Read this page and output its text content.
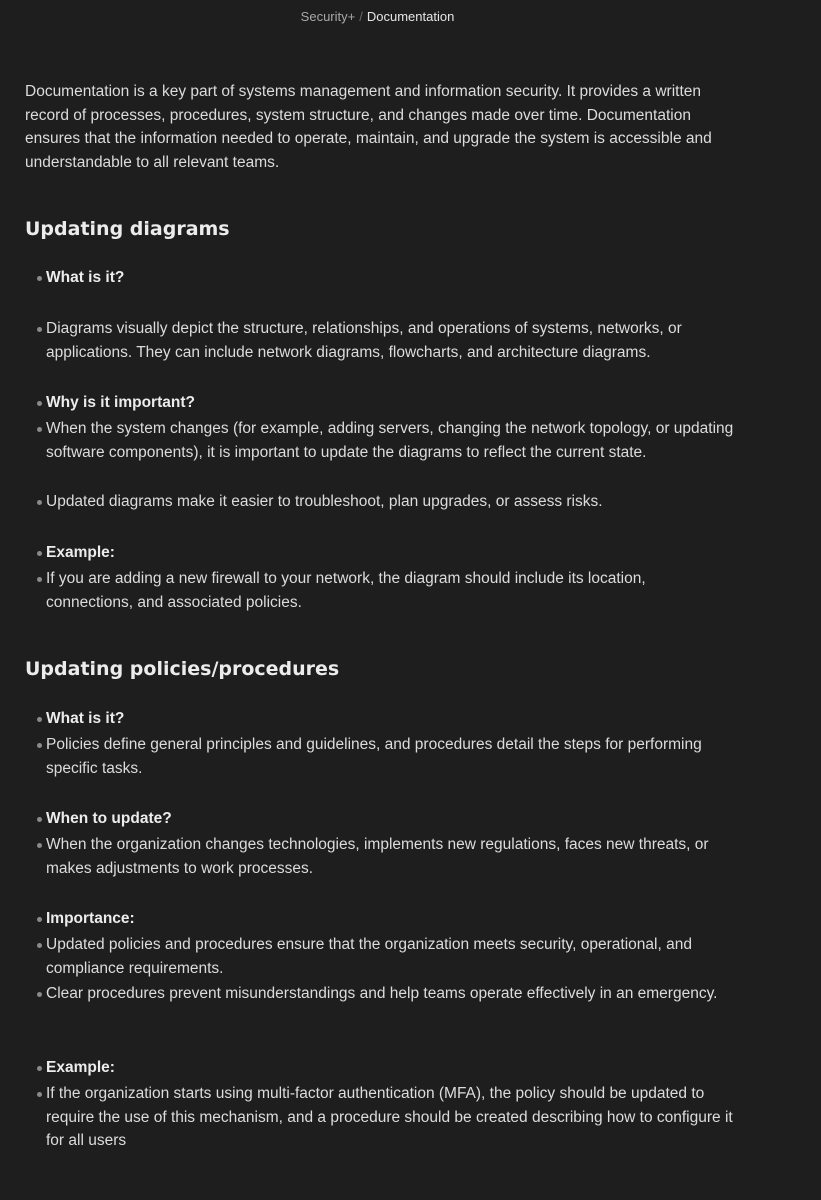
Security+ / Documentation

Documentation is a key part of systems management and information security. It provides a written record of processes, procedures, system structure, and changes made over time. Documentation ensures that the information needed to operate, maintain, and upgrade the system is accessible and understandable to all relevant teams.

Updating diagrams
What is it?
Diagrams visually depict the structure, relationships, and operations of systems, networks, or applications. They can include network diagrams, flowcharts, and architecture diagrams.
Why is it important?
When the system changes (for example, adding servers, changing the network topology, or updating software components), it is important to update the diagrams to reflect the current state.
Updated diagrams make it easier to troubleshoot, plan upgrades, or assess risks.
Example:
If you are adding a new firewall to your network, the diagram should include its location, connections, and associated policies.
Updating policies/procedures
What is it?
Policies define general principles and guidelines, and procedures detail the steps for performing specific tasks.
When to update?
When the organization changes technologies, implements new regulations, faces new threats, or makes adjustments to work processes.
Importance:
Updated policies and procedures ensure that the organization meets security, operational, and compliance requirements.
Clear procedures prevent misunderstandings and help teams operate effectively in an emergency.
Example:
If the organization starts using multi-factor authentication (MFA), the policy should be updated to require the use of this mechanism, and a procedure should be created describing how to configure it for all users
